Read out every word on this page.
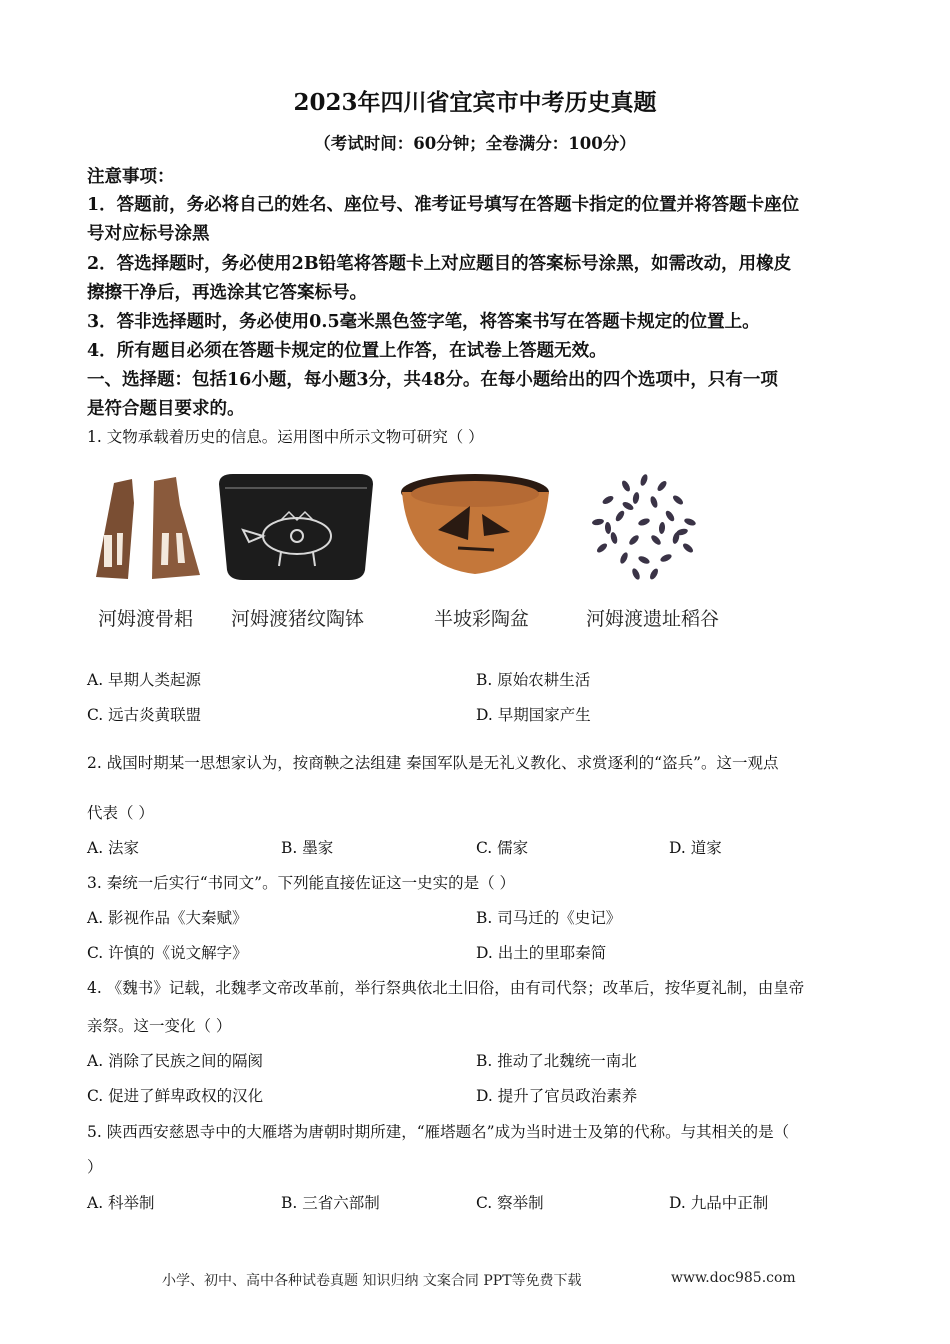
2023年四川省宜宾市中考历史真题
（考试时间：60分钟；全卷满分：100分）
注意事项：
1．答题前，务必将自己的姓名、座位号、准考证号填写在答题卡指定的位置并将答题卡座位
号对应标号涂黑
2．答选择题时，务必使用2B铅笔将答题卡上对应题目的答案标号涂黑，如需改动，用橡皮
擦擦干净后，再选涂其它答案标号。
3．答非选择题时，务必使用0.5毫米黑色签字笔，将答案书写在答题卡规定的位置上。
4．所有题目必须在答题卡规定的位置上作答，在试卷上答题无效。
一、选择题：包括16小题，每小题3分，共48分。在每小题给出的四个选项中，只有一项
是符合题目要求的。
1. 文物承载着历史的信息。运用图中所示文物可研究（ ）
河姆渡骨耜 河姆渡猪纹陶钵	半坡彩陶盆	河姆渡遗址稻谷
A. 早期人类起源	B. 原始农耕生活
C. 远古炎黄联盟	D. 早期国家产生
2. 战国时期某一思想家认为，按商鞅之法组建 秦国军队是无礼义教化、求赏逐利的“盗兵”。这一观点
代表（ ）
A. 法家	B. 墨家	C. 儒家	D. 道家
3. 秦统一后实行“书同文”。下列能直接佐证这一史实的是（ ）
A. 影视作品《大秦赋》	B. 司马迁的《史记》
C. 许慎的《说文解字》	D. 出土的里耶秦简
4. 《魏书》记载，北魏孝文帝改革前，举行祭典依北土旧俗，由有司代祭；改革后，按华夏礼制，由皇帝
亲祭。这一变化（ ）
A. 消除了民族之间的隔阂	B. 推动了北魏统一南北
C. 促进了鲜卑政权的汉化	D. 提升了官员政治素养
5. 陕西西安慈恩寺中的大雁塔为唐朝时期所建，“雁塔题名”成为当时进士及第的代称。与其相关的是（
）
A. 科举制	B. 三省六部制	C. 察举制	D. 九品中正制
小学、初中、高中各种试卷真题 知识归纳 文案合同 PPT等免费下载	www.doc985.com
